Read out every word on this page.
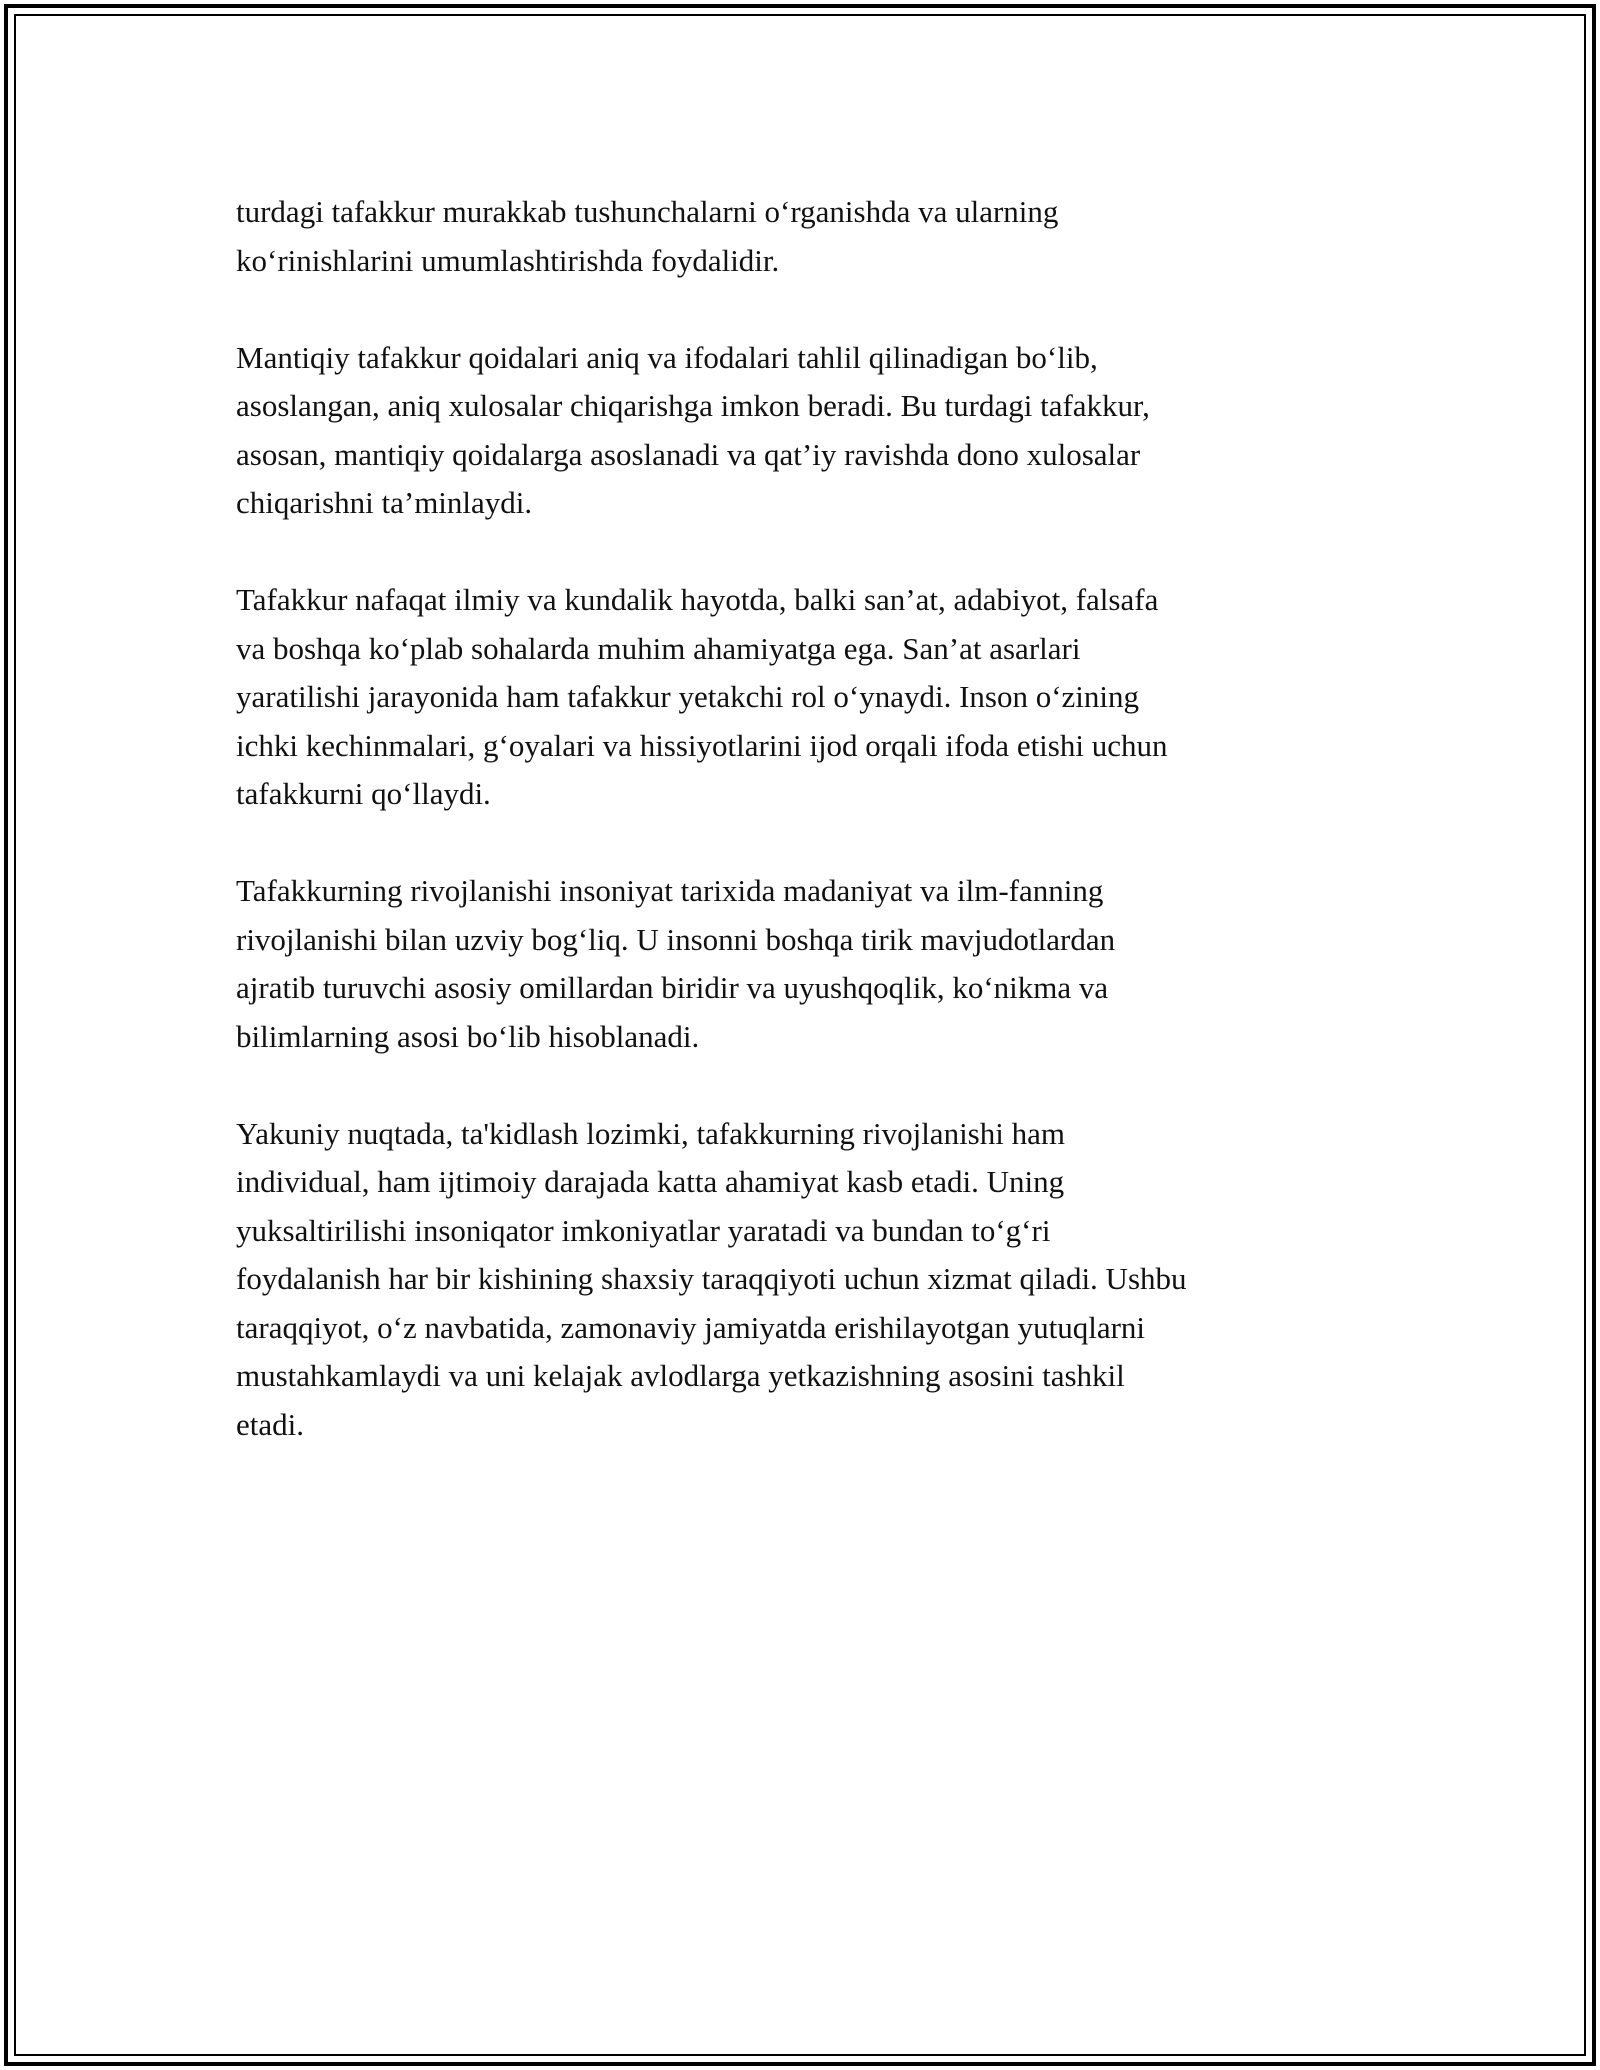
turdagi tafakkur murakkab tushunchalarni oʻrganishda va ularning
koʻrinishlarini umumlashtirishda foydalidir.

Mantiqiy tafakkur qoidalari aniq va ifodalari tahlil qilinadigan boʻlib,
asoslangan, aniq xulosalar chiqarishga imkon beradi. Bu turdagi tafakkur,
asosan, mantiqiy qoidalarga asoslanadi va qat’iy ravishda dono xulosalar
chiqarishni ta’minlaydi.

Tafakkur nafaqat ilmiy va kundalik hayotda, balki san’at, adabiyot, falsafa
va boshqa koʻplab sohalarda muhim ahamiyatga ega. San’at asarlari
yaratilishi jarayonida ham tafakkur yetakchi rol oʻynaydi. Inson oʻzining
ichki kechinmalari, gʻoyalari va hissiyotlarini ijod orqali ifoda etishi uchun
tafakkurni qoʻllaydi.

Tafakkurning rivojlanishi insoniyat tarixida madaniyat va ilm-fanning
rivojlanishi bilan uzviy bogʻliq. U insonni boshqa tirik mavjudotlardan
ajratib turuvchi asosiy omillardan biridir va uyushqoqlik, koʻnikma va
bilimlarning asosi boʻlib hisoblanadi.

Yakuniy nuqtada, ta'kidlash lozimki, tafakkurning rivojlanishi ham
individual, ham ijtimoiy darajada katta ahamiyat kasb etadi. Uning
yuksaltirilishi insoniqator imkoniyatlar yaratadi va bundan toʻgʻri
foydalanish har bir kishining shaxsiy taraqqiyoti uchun xizmat qiladi. Ushbu
taraqqiyot, oʻz navbatida, zamonaviy jamiyatda erishilayotgan yutuqlarni
mustahkamlaydi va uni kelajak avlodlarga yetkazishning asosini tashkil
etadi.
